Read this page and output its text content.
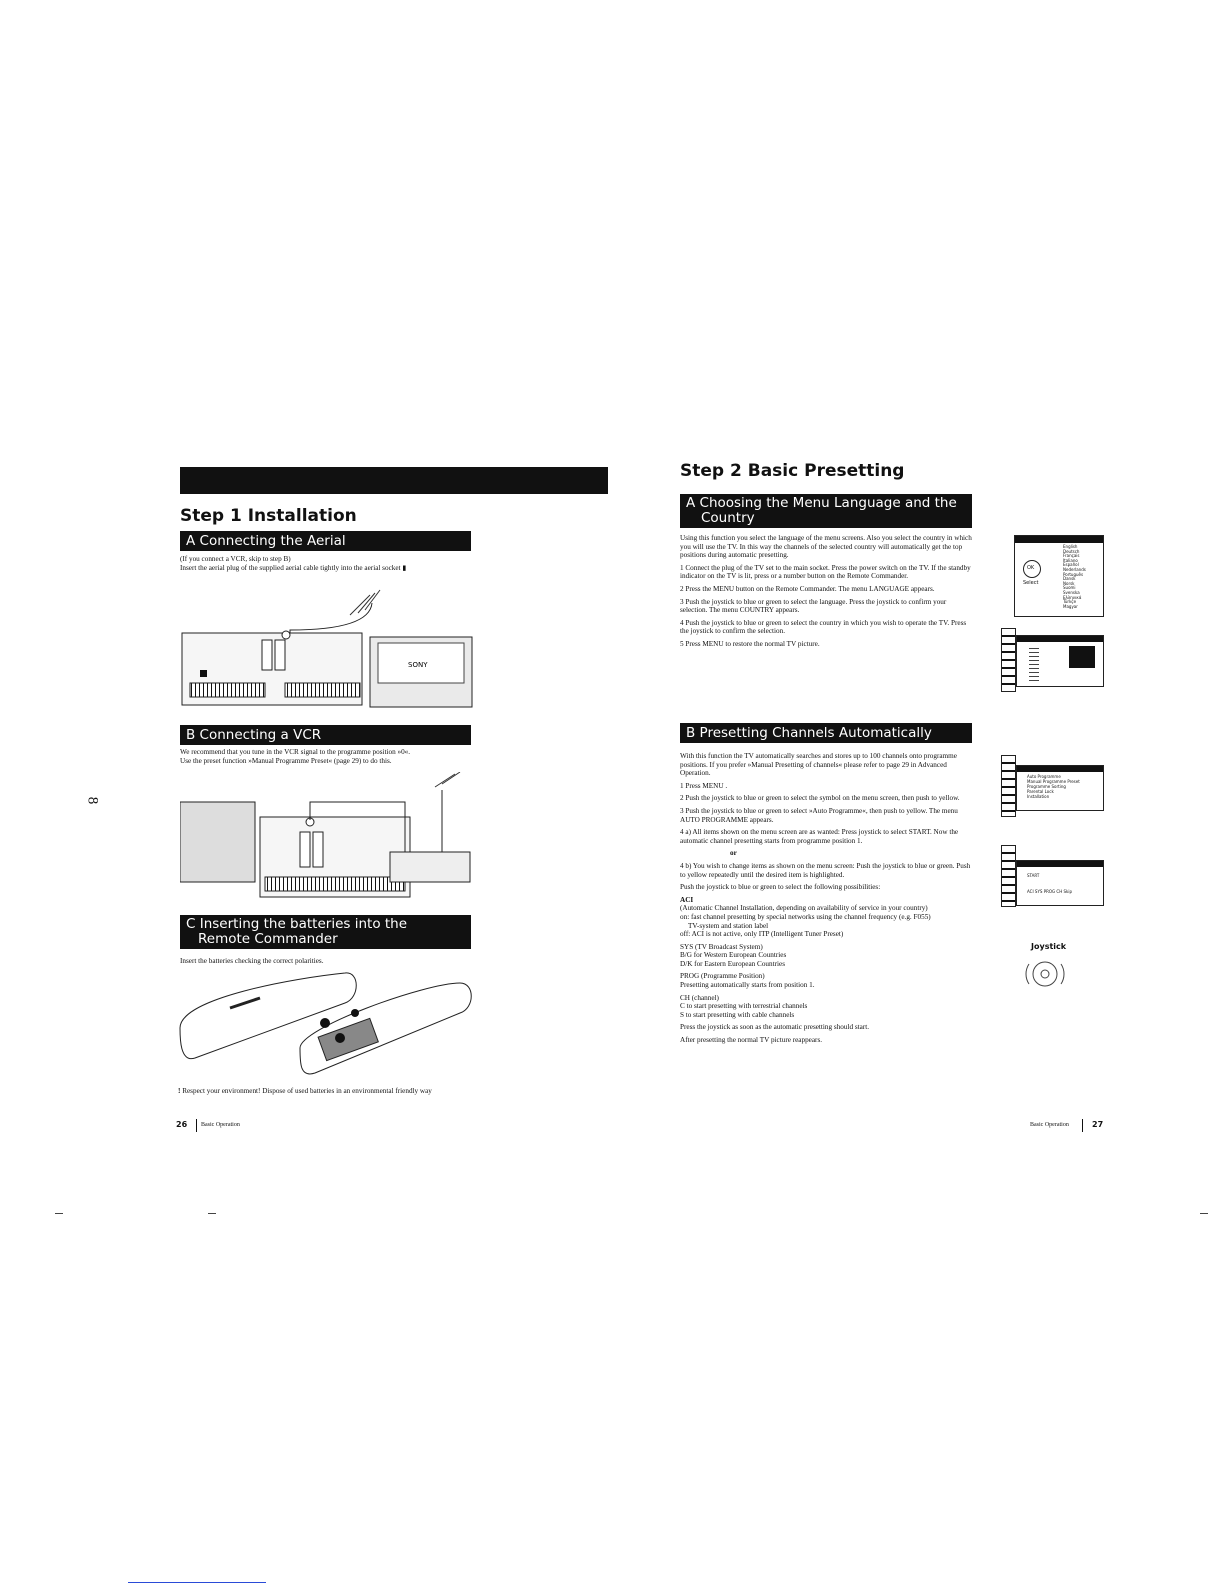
Step 1 Installation
A Connecting the Aerial
(If you connect a VCR, skip to step B)
Insert the aerial plug of the supplied aerial cable tightly into the aerial socket ▮
SONY
B Connecting a VCR
We recommend that you tune in the VCR signal to the programme position »0«.
Use the preset function »Manual Programme Preset« (page 29) to do this.
C Inserting the batteries into the
Remote Commander
Insert the batteries checking the correct polarities.
! Respect your environment! Dispose of used batteries in an environmental friendly way
26 Basic Operation
8
Step 2 Basic Presetting
A Choosing the Menu Language and the
Country

Using this function you select the language of the menu screens. Also you select the country in which you will use the TV. In this way the channels of the selected country will automatically get the top positions during automatic presetting.

1 Connect the plug of the TV set to the main socket. Press the power switch on the TV. If the standby indicator on the TV is lit, press or a number button on the Remote Commander.

2 Press the MENU button on the Remote Commander. The menu LANGUAGE appears.

3 Push the joystick to blue or green to select the language. Press the joystick to confirm your selection. The menu COUNTRY appears.

4 Push the joystick to blue or green to select the country in which you wish to operate the TV. Press the joystick to confirm the selection.

5 Press MENU to restore the normal TV picture.

B Presetting Channels Automatically

With this function the TV automatically searches and stores up to 100 channels onto programme positions. If you prefer »Manual Presetting of channels« please refer to page 29 in Advanced Operation.

1 Press MENU .

2 Push the joystick to blue or green to select the symbol on the menu screen, then push to yellow.

3 Push the joystick to blue or green to select »Auto Programme«, then push to yellow. The menu AUTO PROGRAMME appears.

4 a) All items shown on the menu screen are as wanted: Press joystick to select START. Now the automatic channel presetting starts from programme position 1.

or

4 b) You wish to change items as shown on the menu screen: Push the joystick to blue or green. Push to yellow repeatedly until the desired item is highlighted.

Push the joystick to blue or green to select the following possibilities:

ACI
(Automatic Channel Installation, depending on availability of service in your country)
on: fast channel presetting by special networks using the channel frequency (e.g. F055)
TV-system and station label

off: ACI is not active, only ITP (Intelligent Tuner Preset)

SYS (TV Broadcast System)
B/G for Western European Countries

D/K for Eastern European Countries

PROG (Programme Position)

Presetting automatically starts from position 1.

CH (channel)
C to start presetting with terrestrial channels

S to start presetting with cable channels

Press the joystick as soon as the automatic presetting should start.

After presetting the normal TV picture reappears.

OK
Select
English
Deutsch
Français
Italiano
Español
Nederlands
Português
Dansk
Norsk
Suomi
Svenska
Ελληνικά
Türkçe
Magyar
Auto Programme
Manual Programme Preset
Programme Sorting
Parental Lock
Installation
START
ACI SYS PROG CH Skip
Joystick
Basic Operation	27
